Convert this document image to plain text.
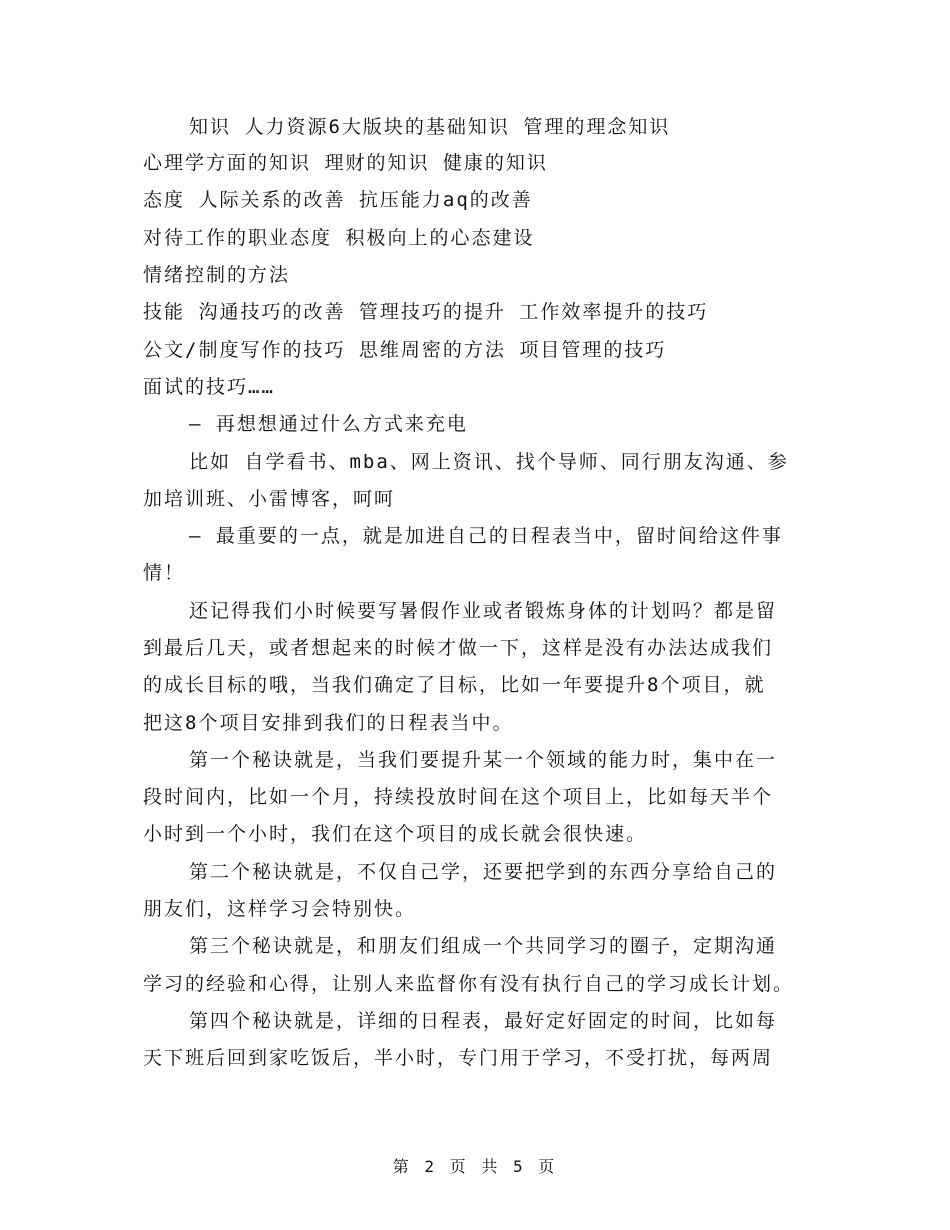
知识 人力资源6大版块的基础知识 管理的理念知识
心理学方面的知识 理财的知识 健康的知识
态度 人际关系的改善 抗压能力aq的改善
对待工作的职业态度 积极向上的心态建设
情绪控制的方法
技能 沟通技巧的改善 管理技巧的提升 工作效率提升的技巧
公文/制度写作的技巧 思维周密的方法 项目管理的技巧
面试的技巧……
— 再想想通过什么方式来充电
比如 自学看书、mba、网上资讯、找个导师、同行朋友沟通、参
加培训班、小雷博客，呵呵
— 最重要的一点，就是加进自己的日程表当中，留时间给这件事
情！
还记得我们小时候要写暑假作业或者锻炼身体的计划吗？都是留
到最后几天，或者想起来的时候才做一下，这样是没有办法达成我们
的成长目标的哦，当我们确定了目标，比如一年要提升8个项目，就
把这8个项目安排到我们的日程表当中。
第一个秘诀就是，当我们要提升某一个领域的能力时，集中在一
段时间内，比如一个月，持续投放时间在这个项目上，比如每天半个
小时到一个小时，我们在这个项目的成长就会很快速。
第二个秘诀就是，不仅自己学，还要把学到的东西分享给自己的
朋友们，这样学习会特别快。
第三个秘诀就是，和朋友们组成一个共同学习的圈子，定期沟通
学习的经验和心得，让别人来监督你有没有执行自己的学习成长计划。
第四个秘诀就是，详细的日程表，最好定好固定的时间，比如每
天下班后回到家吃饭后，半小时，专门用于学习，不受打扰，每两周
第 2 页 共 5 页
